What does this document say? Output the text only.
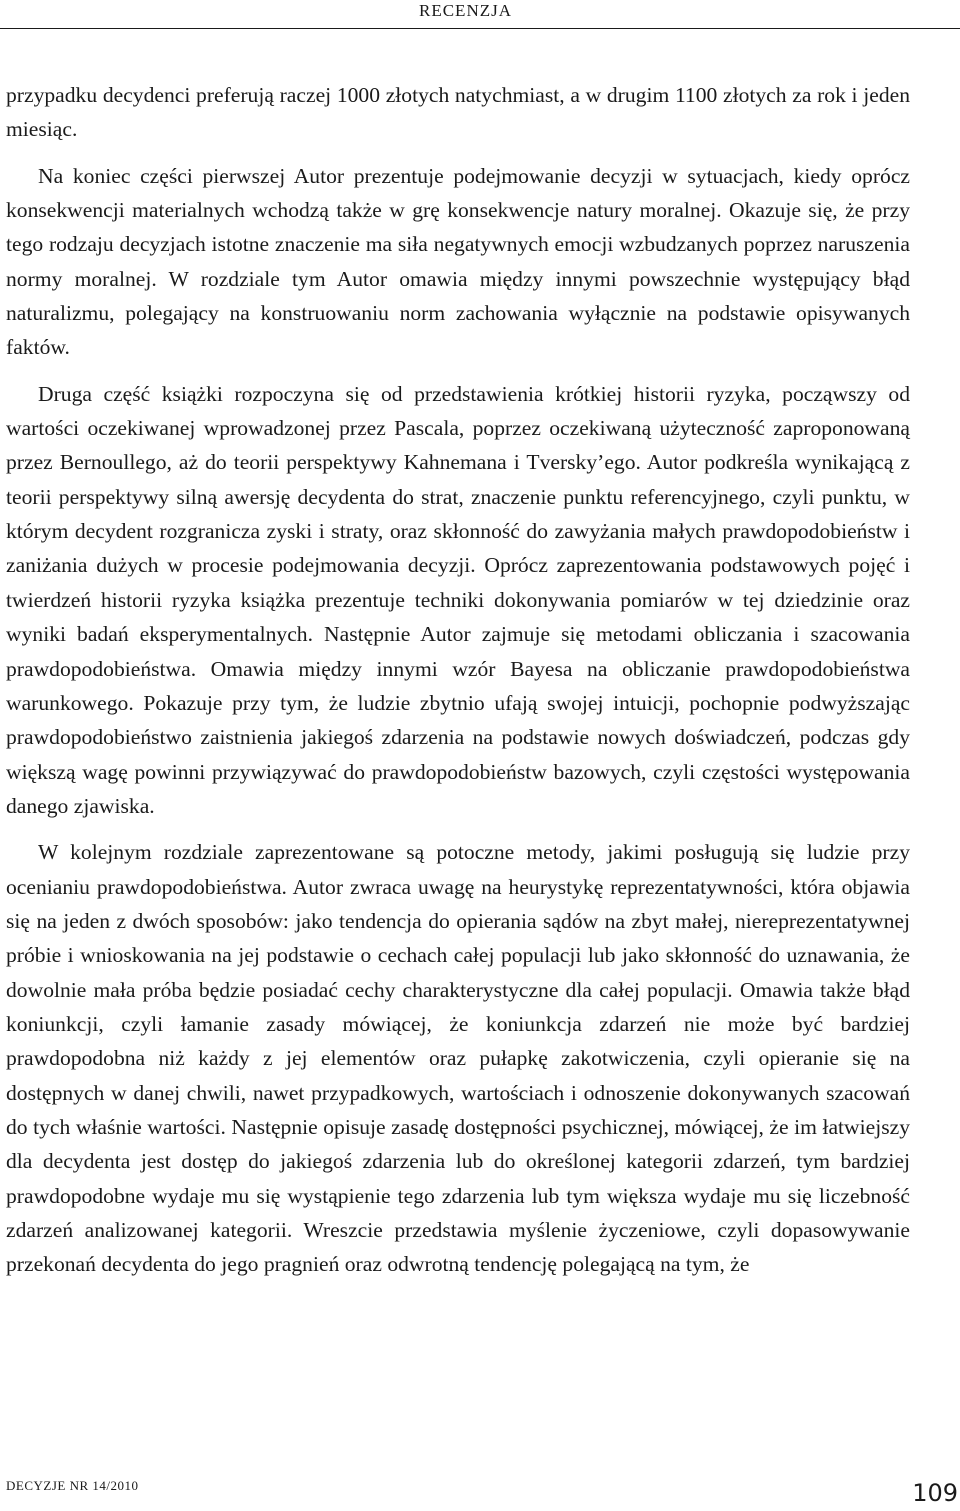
RECENZJA

przypadku decydenci preferują raczej 1000 złotych natychmiast, a w drugim 1100 złotych za rok i jeden miesiąc.

Na koniec części pierwszej Autor prezentuje podejmowanie decyzji w sytuacjach, kiedy oprócz konsekwencji materialnych wchodzą także w grę konsekwencje natury moralnej. Okazuje się, że przy tego rodzaju decyzjach istotne znaczenie ma siła negatywnych emocji wzbudzanych poprzez naruszenia normy moralnej. W rozdziale tym Autor omawia między innymi powszechnie występujący błąd naturalizmu, polegający na konstruowaniu norm zachowania wyłącznie na podstawie opisywanych faktów.

Druga część książki rozpoczyna się od przedstawienia krótkiej historii ryzyka, począwszy od wartości oczekiwanej wprowadzonej przez Pascala, poprzez oczekiwaną użyteczność zaproponowaną przez Bernoullego, aż do teorii perspektywy Kahnemana i Tversky’ego. Autor podkreśla wynikającą z teorii perspektywy silną awersję decydenta do strat, znaczenie punktu referencyjnego, czyli punktu, w którym decydent rozgranicza zyski i straty, oraz skłonność do zawyżania małych prawdopodobieństw i zaniżania dużych w procesie podejmowania decyzji. Oprócz zaprezentowania podstawowych pojęć i twierdzeń historii ryzyka książka prezentuje techniki dokonywania pomiarów w tej dziedzinie oraz wyniki badań eksperymentalnych. Następnie Autor zajmuje się metodami obliczania i szacowania prawdopodobieństwa. Omawia między innymi wzór Bayesa na obliczanie prawdopodobieństwa warunkowego. Pokazuje przy tym, że ludzie zbytnio ufają swojej intuicji, pochopnie podwyższając prawdopodobieństwo zaistnienia jakiegoś zdarzenia na podstawie nowych doświadczeń, podczas gdy większą wagę powinni przywiązywać do prawdopodobieństw bazowych, czyli częstości występowania danego zjawiska.

W kolejnym rozdziale zaprezentowane są potoczne metody, jakimi posługują się ludzie przy ocenianiu prawdopodobieństwa. Autor zwraca uwagę na heurystykę reprezentatywności, która objawia się na jeden z dwóch sposobów: jako tendencja do opierania sądów na zbyt małej, niereprezentatywnej próbie i wnioskowania na jej podstawie o cechach całej populacji lub jako skłonność do uznawania, że dowolnie mała próba będzie posiadać cechy charakterystyczne dla całej populacji. Omawia także błąd koniunkcji, czyli łamanie zasady mówiącej, że koniunkcja zdarzeń nie może być bardziej prawdopodobna niż każdy z jej elementów oraz pułapkę zakotwiczenia, czyli opieranie się na dostępnych w danej chwili, nawet przypadkowych, wartościach i odnoszenie dokonywanych szacowań do tych właśnie wartości. Następnie opisuje zasadę dostępności psychicznej, mówiącej, że im łatwiejszy dla decydenta jest dostęp do jakiegoś zdarzenia lub do określonej kategorii zdarzeń, tym bardziej prawdopodobne wydaje mu się wystąpienie tego zdarzenia lub tym większa wydaje mu się liczebność zdarzeń analizowanej kategorii. Wreszcie przedstawia myślenie życzeniowe, czyli dopasowywanie przekonań decydenta do jego pragnień oraz odwrotną tendencję polegającą na tym, że

DECYZJE NR 14/2010	109
